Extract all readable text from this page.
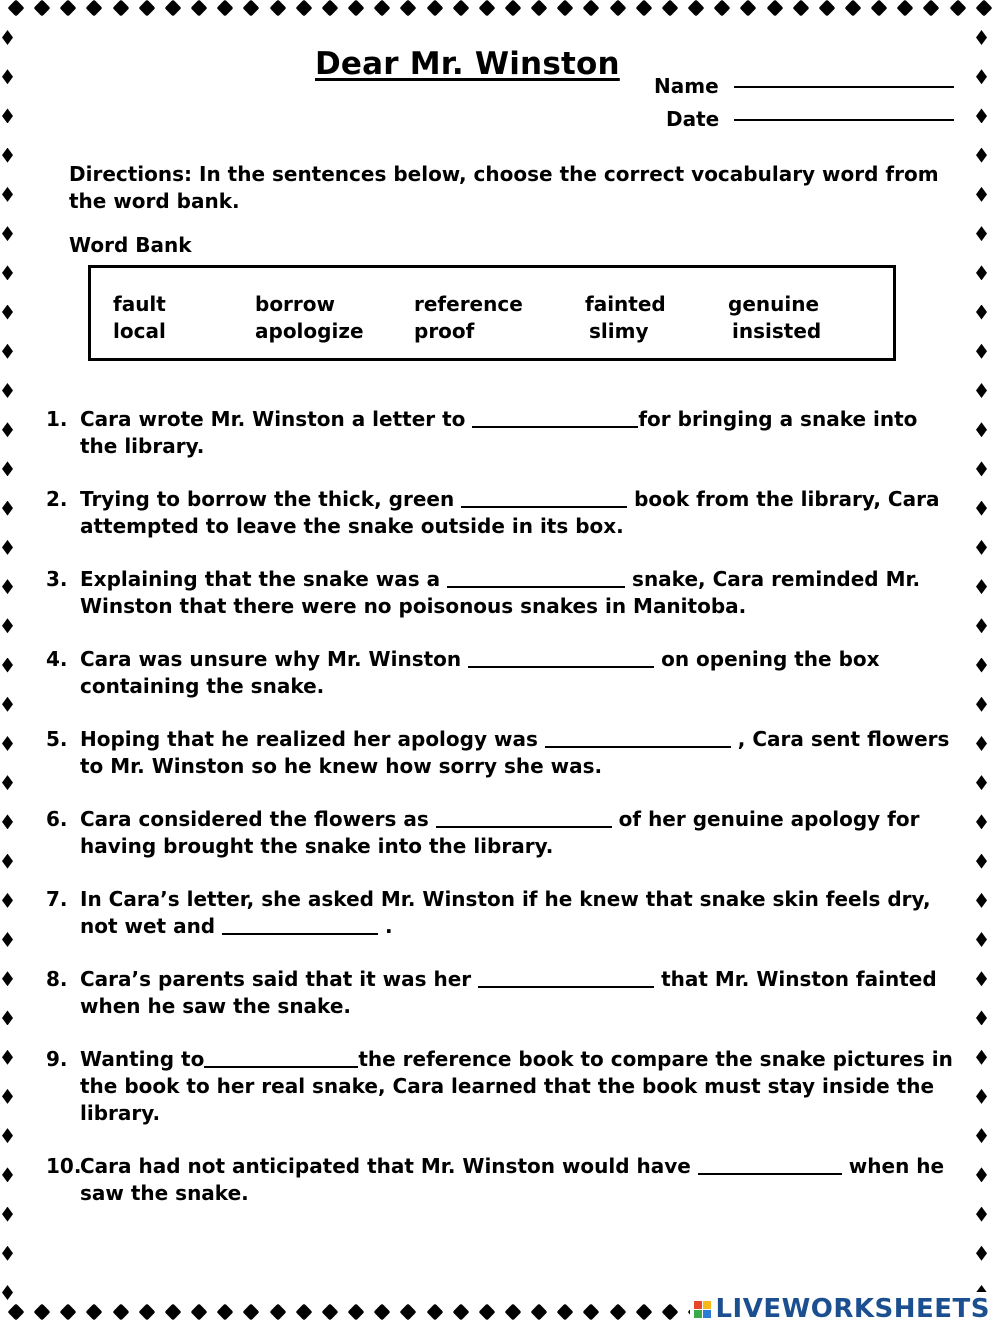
Dear Mr. Winston
Name
Date
Directions: In the sentences below, choose the correct vocabulary word from the word bank.
Word Bank
fault	borrow	reference	fainted	genuine
local	apologize	proof	slimy	insisted
1. Cara wrote Mr. Winston a letter to	for bringing a snake into the library.
2. Trying to borrow the thick, green	book from the library, Cara attempted to leave the snake outside in its box.
3. Explaining that the snake was a	snake, Cara reminded Mr. Winston that there were no poisonous snakes in Manitoba.
4. Cara was unsure why Mr. Winston	on opening the box containing the snake.
5. Hoping that he realized her apology was	, Cara sent flowers to Mr. Winston so he knew how sorry she was.
6. Cara considered the flowers as	of her genuine apology for having brought the snake into the library.
7. In Cara’s letter, she asked Mr. Winston if he knew that snake skin feels dry, not wet and	.
8. Cara’s parents said that it was her	that Mr. Winston fainted when he saw the snake.
9. Wanting to	the reference book to compare the snake pictures in the book to her real snake, Cara learned that the book must stay inside the library.
10.
Cara had not anticipated that Mr. Winston would have	when he saw the snake.
LIVEWORKSHEETS
